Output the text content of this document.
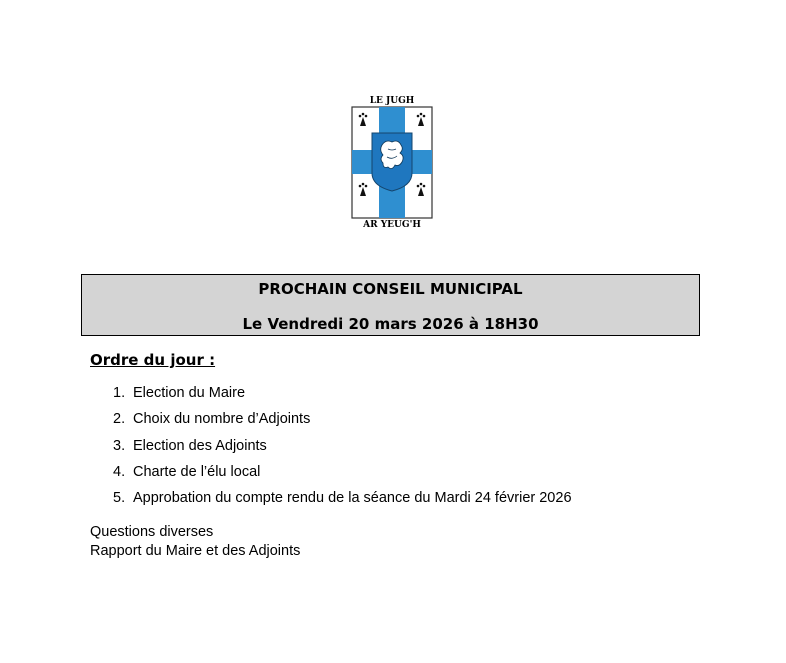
LE JUGH
AR YEUG'H
PROCHAIN CONSEIL MUNICIPAL
Le Vendredi 20 mars 2026 à 18H30
Ordre du jour :
1. Election du Maire
2. Choix du nombre d’Adjoints
3. Election des Adjoints
4. Charte de l’élu local
5. Approbation du compte rendu de la séance du Mardi 24 février 2026
Questions diverses
Rapport du Maire et des Adjoints
